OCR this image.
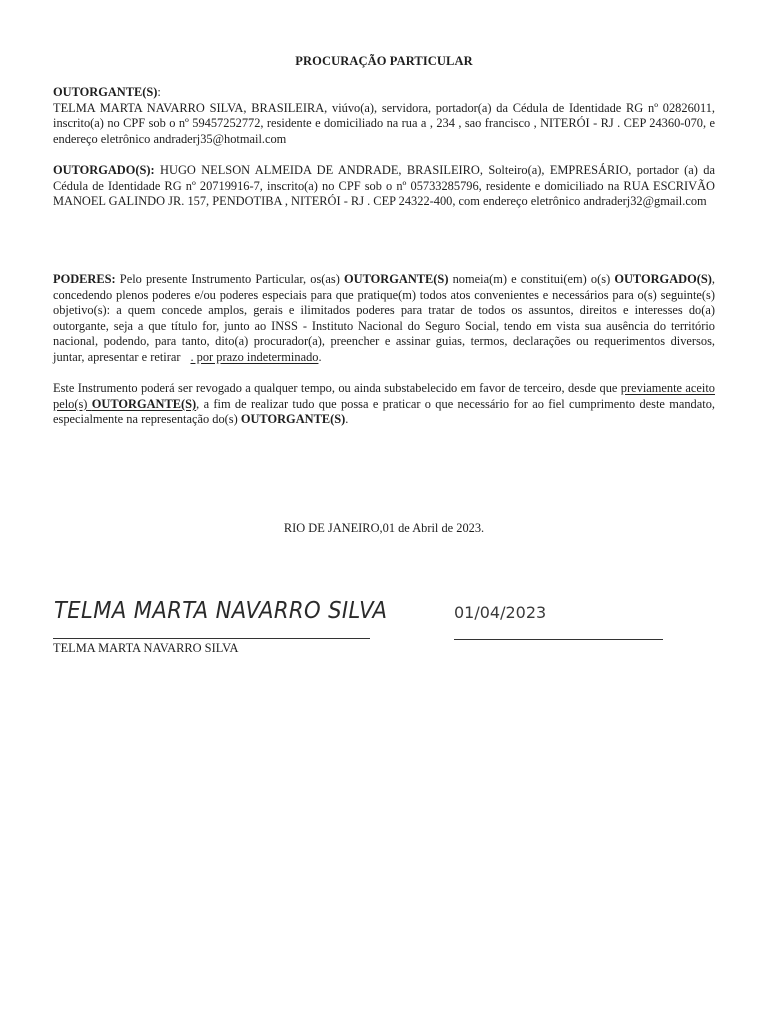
PROCURAÇÃO PARTICULAR

OUTORGANTE(S):
TELMA MARTA NAVARRO SILVA, BRASILEIRA, viúvo(a), servidora, portador(a) da Cédula de Identidade RG nº 02826011, inscrito(a) no CPF sob o nº 59457252772, residente e domiciliado na rua a , 234 , sao francisco , NITERÓI - RJ . CEP 24360-070, e endereço eletrônico andraderj35@hotmail.com

OUTORGADO(S): HUGO NELSON ALMEIDA DE ANDRADE, BRASILEIRO, Solteiro(a), EMPRESÁRIO, portador (a) da Cédula de Identidade RG nº 20719916-7, inscrito(a) no CPF sob o nº 05733285796, residente e domiciliado na RUA ESCRIVÃO MANOEL GALINDO JR. 157, PENDOTIBA , NITERÓI - RJ . CEP 24322-400, com endereço eletrônico andraderj32@gmail.com

PODERES: Pelo presente Instrumento Particular, os(as) OUTORGANTE(S) nomeia(m) e constitui(em) o(s) OUTORGADO(S), concedendo plenos poderes e/ou poderes especiais para que pratique(m) todos atos convenientes e necessários para o(s) seguinte(s) objetivo(s): a quem concede amplos, gerais e ilimitados poderes para tratar de todos os assuntos, direitos e interesses do(a) outorgante, seja a que título for, junto ao INSS - Instituto Nacional do Seguro Social, tendo em vista sua ausência do território nacional, podendo, para tanto, dito(a) procurador(a), preencher e assinar guias, termos, declarações ou requerimentos diversos, juntar, apresentar e retirar . por prazo indeterminado.

Este Instrumento poderá ser revogado a qualquer tempo, ou ainda substabelecido em favor de terceiro, desde que previamente aceito pelo(s) OUTORGANTE(S), a fim de realizar tudo que possa e praticar o que necessário for ao fiel cumprimento deste mandato, especialmente na representação do(s) OUTORGANTE(S).

RIO DE JANEIRO,01 de Abril de 2023.
TELMA MARTA NAVARRO SILVA
TELMA MARTA NAVARRO SILVA
01/04/2023
